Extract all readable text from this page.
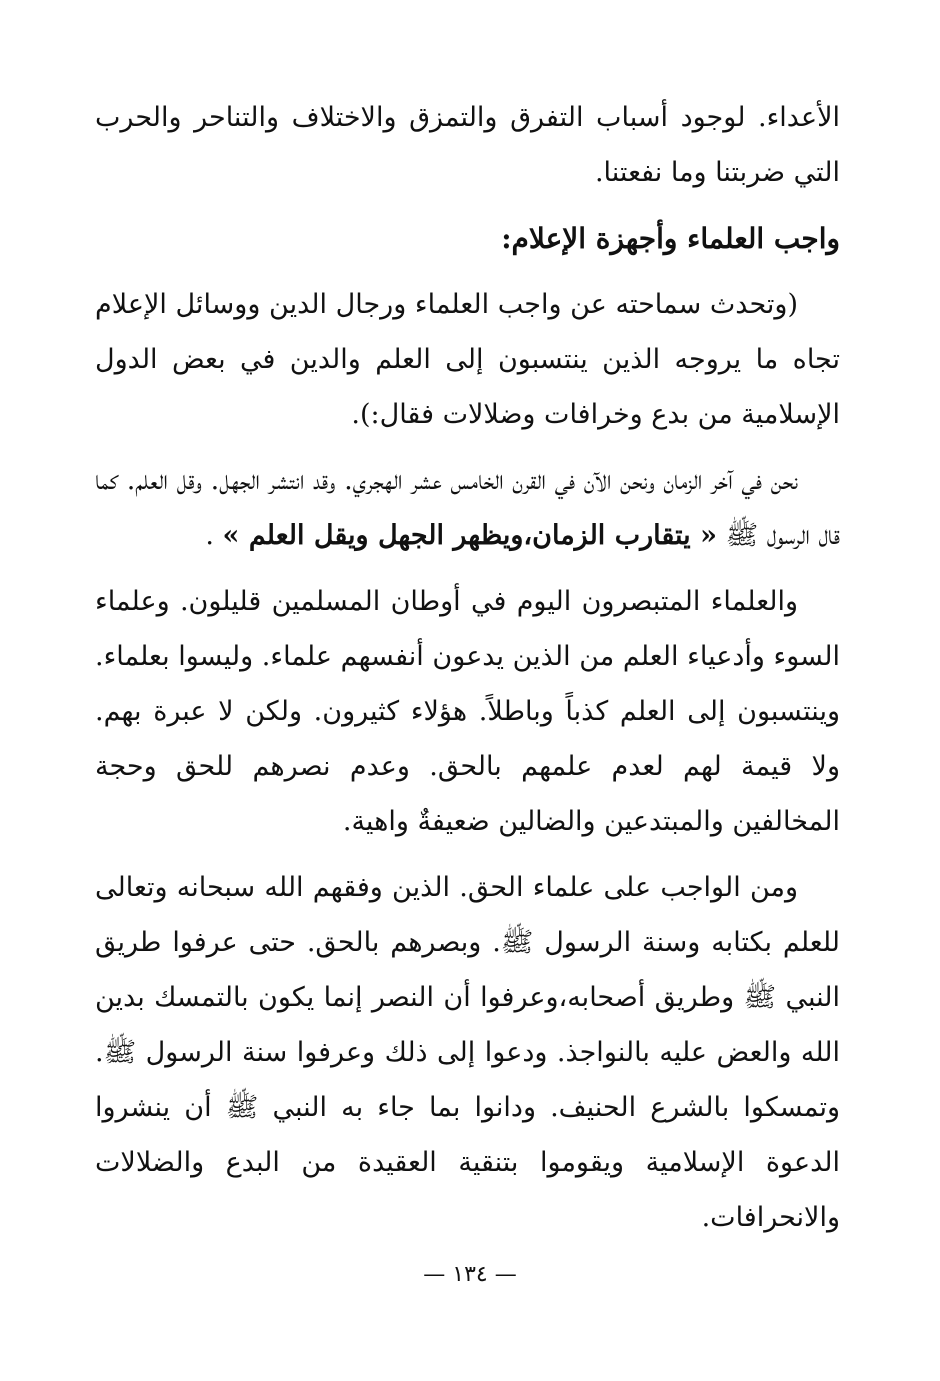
الأعداء. لوجود أسباب التفرق والتمزق والاختلاف والتناحر والحرب التي ضربتنا وما نفعتنا.

واجب العلماء وأجهزة الإعلام:

(وتحدث سماحته عن واجب العلماء ورجال الدين ووسائل الإعلام تجاه ما يروجه الذين ينتسبون إلى العلم والدين في بعض الدول الإسلامية من بدع وخرافات وضلالات فقال:).

نحن في آخر الزمان ونحن الآن في القرن الخامس عشر الهجري. وقد انتشر الجهل. وقل العلم. كما قال الرسول ﷺ « يتقارب الزمان،ويظهر الجهل ويقل العلم » .

والعلماء المتبصرون اليوم في أوطان المسلمين قليلون. وعلماء السوء وأدعياء العلم من الذين يدعون أنفسهم علماء. وليسوا بعلماء. وينتسبون إلى العلم كذباً وباطلاً. هؤلاء كثيرون. ولكن لا عبرة بهم. ولا قيمة لهم لعدم علمهم بالحق. وعدم نصرهم للحق وحجة المخالفين والمبتدعين والضالين ضعيفةٌ واهية.

ومن الواجب على علماء الحق. الذين وفقهم الله سبحانه وتعالى للعلم بكتابه وسنة الرسول ﷺ. وبصرهم بالحق. حتى عرفوا طريق النبي ﷺ وطريق أصحابه،وعرفوا أن النصر إنما يكون بالتمسك بدين الله والعض عليه بالنواجذ. ودعوا إلى ذلك وعرفوا سنة الرسول ﷺ. وتمسكوا بالشرع الحنيف. ودانوا بما جاء به النبي ﷺ أن ينشروا الدعوة الإسلامية ويقوموا بتنقية العقيدة من البدع والضلالات والانحرافات.

— ١٣٤ —
